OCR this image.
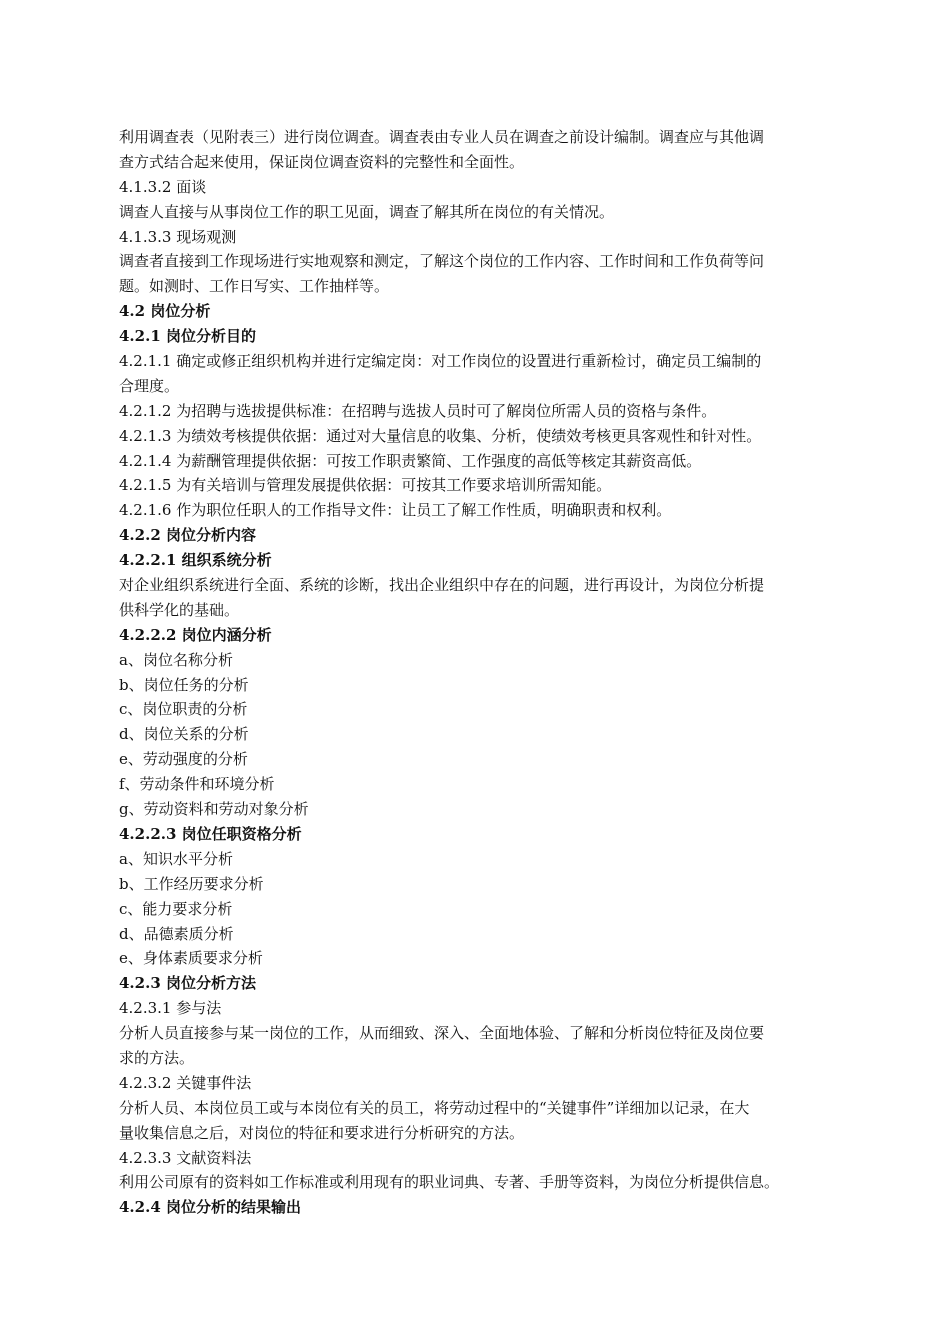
利用调查表（见附表三）进行岗位调查。调查表由专业人员在调查之前设计编制。调查应与其他调
查方式结合起来使用，保证岗位调查资料的完整性和全面性。
4.1.3.2 面谈
调查人直接与从事岗位工作的职工见面，调查了解其所在岗位的有关情况。
4.1.3.3 现场观测
调查者直接到工作现场进行实地观察和测定，了解这个岗位的工作内容、工作时间和工作负荷等问
题。如测时、工作日写实、工作抽样等。
4.2 岗位分析
4.2.1 岗位分析目的
4.2.1.1 确定或修正组织机构并进行定编定岗：对工作岗位的设置进行重新检讨，确定员工编制的
合理度。
4.2.1.2 为招聘与选拔提供标准：在招聘与选拔人员时可了解岗位所需人员的资格与条件。
4.2.1.3 为绩效考核提供依据：通过对大量信息的收集、分析，使绩效考核更具客观性和针对性。
4.2.1.4 为薪酬管理提供依据：可按工作职责繁简、工作强度的高低等核定其薪资高低。
4.2.1.5 为有关培训与管理发展提供依据：可按其工作要求培训所需知能。
4.2.1.6 作为职位任职人的工作指导文件：让员工了解工作性质，明确职责和权利。
4.2.2 岗位分析内容
4.2.2.1 组织系统分析
对企业组织系统进行全面、系统的诊断，找出企业组织中存在的问题，进行再设计，为岗位分析提
供科学化的基础。
4.2.2.2 岗位内涵分析
a、岗位名称分析
b、岗位任务的分析
c、岗位职责的分析
d、岗位关系的分析
e、劳动强度的分析
f、劳动条件和环境分析
g、劳动资料和劳动对象分析
4.2.2.3 岗位任职资格分析
a、知识水平分析
b、工作经历要求分析
c、能力要求分析
d、品德素质分析
e、身体素质要求分析
4.2.3 岗位分析方法
4.2.3.1 参与法
分析人员直接参与某一岗位的工作，从而细致、深入、全面地体验、了解和分析岗位特征及岗位要
求的方法。
4.2.3.2 关键事件法
分析人员、本岗位员工或与本岗位有关的员工，将劳动过程中的“关键事件”详细加以记录，在大
量收集信息之后，对岗位的特征和要求进行分析研究的方法。
4.2.3.3 文献资料法
利用公司原有的资料如工作标准或利用现有的职业词典、专著、手册等资料，为岗位分析提供信息。
4.2.4 岗位分析的结果输出
